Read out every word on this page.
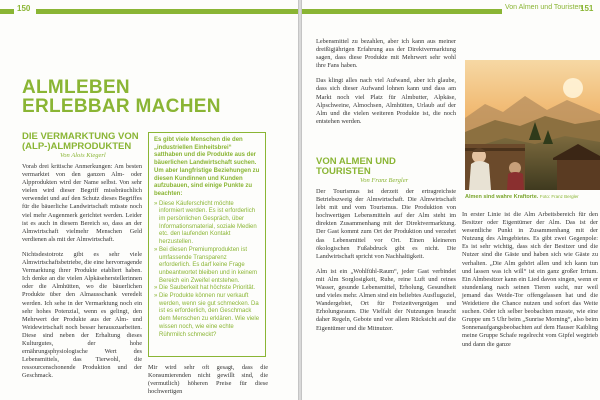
150
ALMLEBEN
ERLEBBAR MACHEN
DIE VERMARKTUNG VON
(ALP-)ALMPRODUKTEN
Von Alois Kiegerl

Vorab drei kritische Anmerkungen: Am besten vermarktet von den ganzen Alm- oder Alpprodukten wird der Name selbst. Von sehr vielen wird dieser Begriff missbräuchlich verwendet und auf den Schutz dieses Begriffes für die bäuerliche Landwirtschaft müsste noch viel mehr Augenmerk gerichtet werden. Leider ist es auch in diesem Bereich so, dass an der Almwirtschaft vielmehr Menschen Geld verdienen als mit der Almwirtschaft.

Nichtsdestotrotz gibt es sehr viele Almwirtschaftsbetriebe, die eine hervorragende Vermarktung ihrer Produkte etabliert haben. Ich denke an die vielen Alpkäseherstellerinnen oder die Almhütten, wo die bäuerlichen Produkte über den Almausschank veredelt werden. Ich sehe in der Vermarktung noch ein sehr hohes Potenzial, wenn es gelingt, den Mehrwert der Produkte aus der Alm- und Weidewirtschaft noch besser herauszuarbeiten. Diese sind neben der Erhaltung dieses Kulturgutes, der hohe ernährungsphysiologische Wert des Lebensmittels, das Tierwohl, die ressourcenschonende Produktion und der Geschmack.

Es gibt viele Menschen die den „industriellen Einheitsbrei“ satthaben und die Produkte aus der bäuerlichen Landwirtschaft suchen. Um aber langfristige Beziehungen zu diesen Kundinnen und Kunden aufzubauen, sind einige Punkte zu beachten:
» Diese Käuferschicht möchte informiert werden. Es ist erforderlich im persönlichen Gespräch, über Informationsmaterial, soziale Medien etc. den laufenden Kontakt herzustellen.
» Bei diesen Premiumprodukten ist umfassende Transparenz erforderlich. Es darf keine Frage unbeantwortet bleiben und in keinem Bereich ein Zweifel entstehen.
» Die Sauberkeit hat höchste Priorität.
» Die Produkte können nur verkauft werden, wenn sie gut schmecken. Da ist es erforderlich, den Geschmack dem Menschen zu erklären. Wie viele wissen noch, wie eine echte Rührmilch schmeckt?

Mir wird sehr oft gesagt, dass die Konsumierenden nicht gewillt sind, die (vermutlich) höheren Preise für diese hochwertigen

Von Almen und Touristen
151

Lebensmittel zu bezahlen, aber ich kann aus meiner dreißigjährigen Erfahrung aus der Direktvermarktung sagen, dass diese Produkte mit Mehrwert sehr wohl ihre Fans haben.

Das klingt alles nach viel Aufwand, aber ich glaube, dass sich dieser Aufwand lohnen kann und dass am Markt noch viel Platz für Almbutter, Alpkäse, Alpschweine, Almochsen, Almhütten, Urlaub auf der Alm und die vielen weiteren Produkte ist, die noch entstehen werden.

VON ALMEN UND
TOURISTEN
Von Franz Bergler

Der Tourismus ist derzeit der ertragreichste Betriebszweig der Almwirtschaft. Die Almwirtschaft lebt mit und vom Tourismus. Die Produktion von hochwertigen Lebensmitteln auf der Alm steht im direkten Zusammenhang mit der Direktvermarktung. Der Gast kommt zum Ort der Produktion und verzehrt das Lebensmittel vor Ort. Einen kleineren ökologischen Fußabdruck gibt es nicht. Die Landwirtschaft spricht von Nachhaltigkeit.

Alm ist ein „Wohlfühl-Raum“, jeder Gast verbindet mit Alm Sorglosigkeit, Ruhe, reine Luft und reines Wasser, gesunde Lebensmittel, Erholung, Gesundheit und vieles mehr. Almen sind ein beliebtes Ausflugsziel, Wandergebiet, Ort für Freizeitvergnügen und Erholungsraum. Die Vielfalt der Nutzungen braucht daher Regeln, Gebote und vor allem Rücksicht auf die Eigentümer und die Mitnutzer.

Almen sind wahre Kraftorte. Foto: Franz Bergler

In erster Linie ist die Alm Arbeitsbereich für den Besitzer oder Eigentümer der Alm. Das ist der wesentliche Punkt in Zusammenhang mit der Nutzung des Almgebietes. Es gibt zwei Gegenpole: Es ist sehr wichtig, dass sich der Besitzer und die Nutzer sind die Gäste und haben sich wie Gäste zu verhalten. „Die Alm gehört allen und ich kann tun und lassen was ich will“ ist ein ganz großer Irrtum. Ein Almbesitzer kann ein Lied davon singen, wenn er stundenlang nach seinen Tieren sucht, nur weil jemand das Weide-Tor offengelassen hat und die Weidetiere die Chance nutzen und sofort das Weite suchen. Oder ich selber beobachten musste, wie eine Gruppe um 5 Uhr beim „Sunrise Morning“, also beim Sonnenaufgangsbeobachten auf dem Hauser Kaibling meine Gruppe Schafe regelrecht vom Gipfel wegtrieb und dann die ganze
